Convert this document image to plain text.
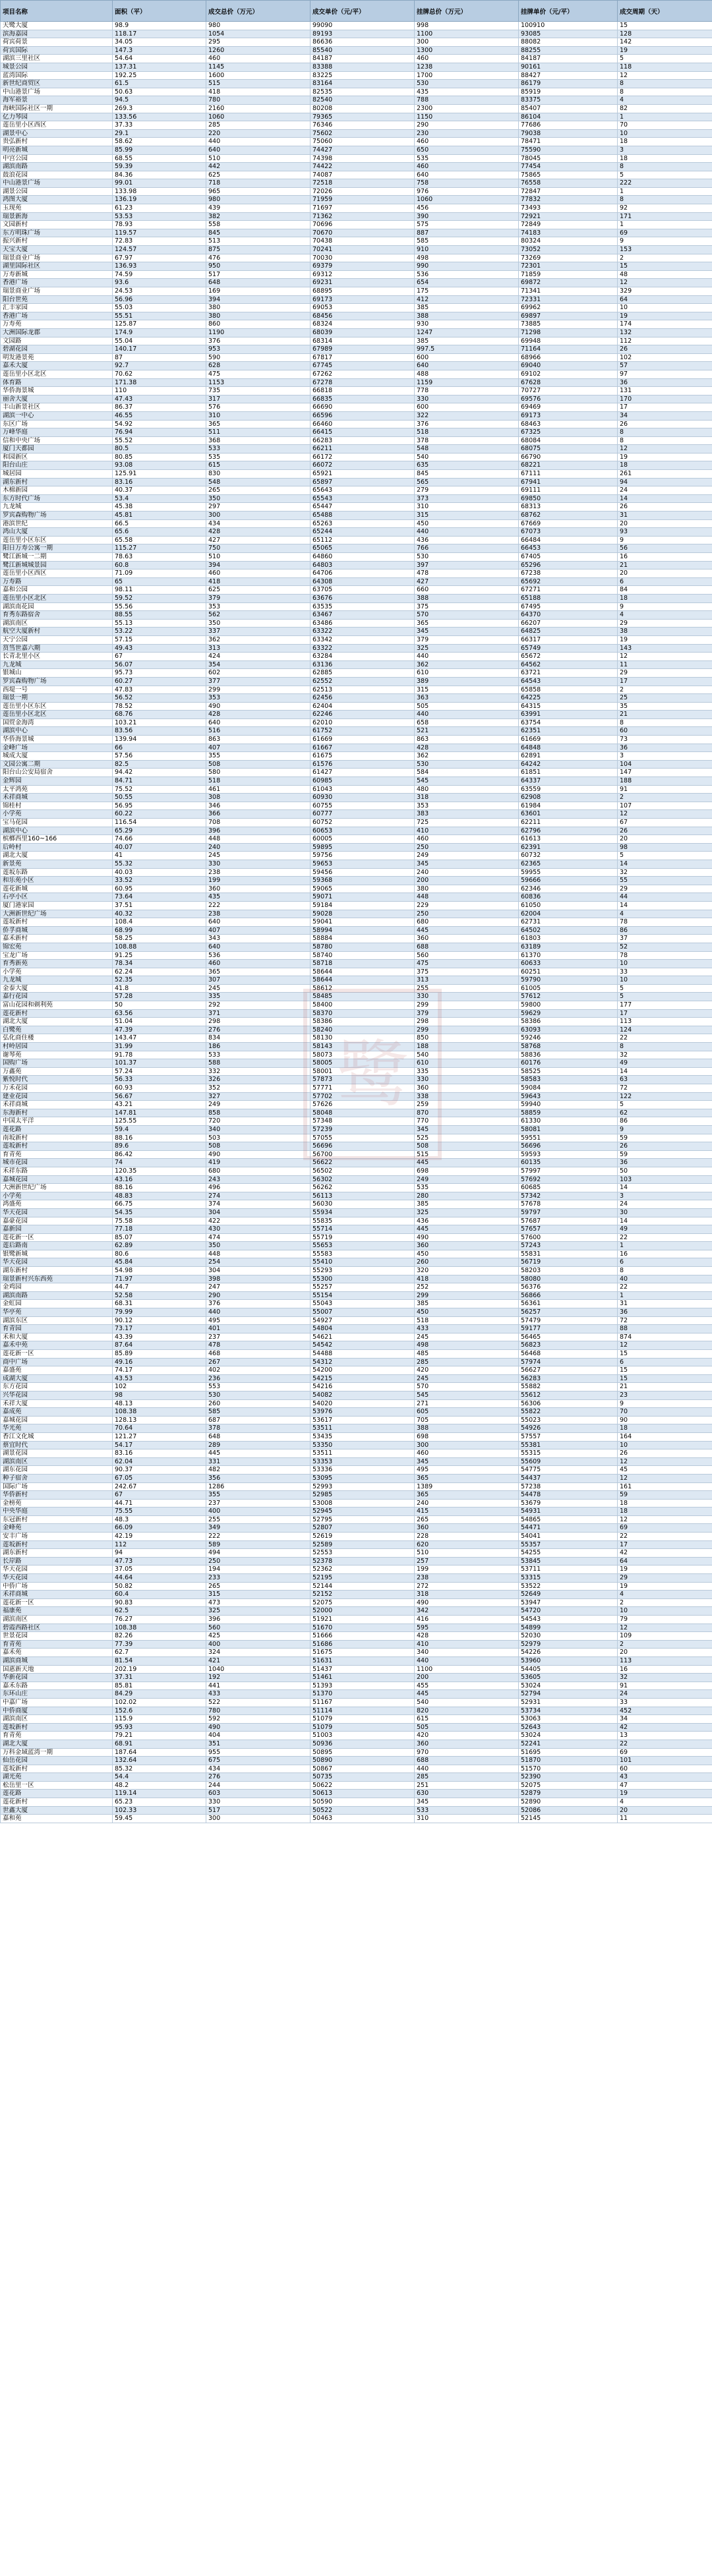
项目名称	面积（平）	成交总价（万元）	成交单价（元/平）	挂牌总价（万元）	挂牌单价（元/平）	成交周期（天）
天鹭大厦	98.9	980	99090	998	100910	15
滨海嘉园	118.17	1054	89193	1100	93085	128
荷宾荷景	34.05	295	86636	300	88082	142
荷宾国际	147.3	1260	85540	1300	88255	19
湖滨三里社区	54.64	460	84187	460	84187	5
城景公园	137.31	1145	83388	1238	90161	118
蓝湾国际	192.25	1600	83225	1700	88427	12
新世纪商贸区	61.5	515	83164	530	86179	8
中山港景广场	50.63	418	82535	435	85919	8
海军裕景	94.5	780	82540	788	83375	4
海峡国际社区一期	269.3	2160	80208	2300	85407	82
亿力琴园	133.56	1060	79365	1150	86104	1
莲岳里小区西区	37.33	285	76346	290	77686	70
湖景中心	29.1	220	75602	230	79038	10
贵弘新村	58.62	440	75060	460	78471	18
明亮新城	85.99	640	74427	650	75590	3
中宫公园	68.55	510	74398	535	78045	18
湖滨南路	59.39	442	74422	460	77454	8
鼓浪花园	84.36	625	74087	640	75865	5
中山港景广场	99.01	718	72518	758	76558	222
湖景公园	133.98	965	72026	976	72847	1
鸿图大厦	136.19	980	71959	1060	77832	8
玉现苑	61.23	439	71697	456	73493	92
瑞景新海	53.53	382	71362	390	72921	171
文园新村	78.93	558	70696	575	72849	1
东方明珠广场	119.57	845	70670	887	74183	69
振兴新村	72.83	513	70438	585	80324	9
天宝大厦	124.57	875	70241	910	73052	153
瑞景商业广场	67.97	476	70030	498	73269	2
湖里国际社区	136.93	950	69379	990	72301	15
万寿新城	74.59	517	69312	536	71859	48
香港广场	93.6	648	69231	654	69872	12
瑞景商业广场	24.53	169	68895	175	71341	329
阳台世苑	56.96	394	69173	412	72331	64
汇丰家园	55.03	380	69053	385	69962	10
香港广场	55.51	380	68456	388	69897	19
万寿苑	125.87	860	68324	930	73885	174
大洲国际龙郡	174.9	1190	68039	1247	71298	132
文园路	55.04	376	68314	385	69948	112
碧湖花园	140.17	953	67989	997.5	71164	26
明发港景苑	87	590	67817	600	68966	102
嘉禾大厦	92.7	628	67745	640	69040	57
莲岳里小区北区	70.62	475	67262	488	69102	97
体育路	171.38	1153	67278	1159	67628	36
华侨海景城	110	735	66818	778	70727	131
丽舍大厦	47.43	317	66835	330	69576	170
丰山新景社区	86.37	576	66690	600	69469	17
湖滨一中心	46.55	310	66596	322	69173	34
东区广场	54.92	365	66460	376	68463	26
万峰华庭	76.94	511	66415	518	67325	8
信和中央广场	55.52	368	66283	378	68084	8
厦门天都园	80.5	533	66211	548	68075	12
和园新区	80.85	535	66172	540	66790	19
阳台山庄	93.08	615	66072	635	68221	18
城居园	125.91	830	65921	845	67111	261
湖东新村	83.16	548	65897	565	67941	94
木棉新园	40.37	265	65643	279	69111	24
东方时代广场	53.4	350	65543	373	69850	14
九龙城	45.38	297	65447	310	68313	26
罗宾森购物广场	45.81	300	65488	315	68762	31
港滨世纪	66.5	434	65263	450	67669	20
鸿山大厦	65.6	428	65244	440	67073	93
莲岳里小区东区	65.58	427	65112	436	66484	9
阳日万寿公寓一期	115.27	750	65065	766	66453	56
鹭江新城一二期	78.63	510	64860	530	67405	16
鹭江新城城景园	60.8	394	64803	397	65296	21
莲岳里小区西区	71.09	460	64706	478	67238	20
万寿路	65	418	64308	427	65692	6
嘉和公园	98.11	625	63705	660	67271	84
莲岳里小区北区	59.52	379	63676	388	65188	18
湖滨南花园	55.56	353	63535	375	67495	9
育秀东路宿舍	88.55	562	63467	570	64370	4
湖滨南区	55.13	350	63486	365	66207	29
航空大厦新村	53.22	337	63322	345	64825	38
天宁公园	57.15	362	63342	379	66317	19
筼筜世嘉六期	49.43	313	63322	325	65749	143
长青北里小区	67	424	63284	440	65672	12
九龙城	56.07	354	63136	362	64562	11
银城山	95.73	602	62885	610	63721	29
罗宾森购物广场	60.27	377	62552	389	64543	17
西堤一号	47.83	299	62513	315	65858	2
瑞景一期	56.52	353	62456	363	64225	25
莲岳里小区东区	78.52	490	62404	505	64315	35
莲岳里小区北区	68.76	428	62246	440	63991	21
国贸金海湾	103.21	640	62010	658	63754	8
湖滨中心	83.56	516	61752	521	62351	60
华侨海景城	139.94	863	61669	863	61669	73
金峰广场	66	407	61667	428	64848	36
城成大厦	57.56	355	61675	362	62891	3
文园公寓二期	82.5	508	61576	530	64242	104
阳台山公安局宿舍	94.42	580	61427	584	61851	147
金辉园	84.71	518	60985	545	64337	188
太平鸿苑	75.52	461	61043	480	63559	91
禾祥商城	50.55	308	60930	318	62908	2
锦桂村	56.95	346	60755	353	61984	107
小学苑	60.22	366	60777	383	63601	12
宝马花园	116.54	708	60752	725	62211	67
湖滨中心	65.29	396	60653	410	62796	26
槟榔西里160~166	74.66	448	60005	460	61613	20
后岭村	40.07	240	59895	250	62391	98
湖北大厦	41	245	59756	249	60732	5
新景苑	55.32	330	59653	345	62365	14
莲坂东路	40.03	238	59456	240	59955	32
和乐苑小区	33.52	199	59368	200	59666	55
莲花新城	60.95	360	59065	380	62346	29
石亭小区	73.64	435	59071	448	60836	44
厦门港家园	37.51	222	59184	229	61050	14
大洲新世纪广场	40.32	238	59028	250	62004	4
莲坂新村	108.4	640	59041	680	62731	78
侨孚商城	68.99	407	58994	445	64502	86
嘉禾新村	58.25	343	58884	360	61803	37
锦宏苑	108.88	640	58780	688	63189	52
宝龙广场	91.25	536	58740	560	61370	78
育秀新苑	78.34	460	58718	475	60633	10
小学苑	62.24	365	58644	375	60251	33
九龙城	52.35	307	58644	313	59790	10
金泰大厦	41.8	245	58612	255	61005	5
嘉行花园	57.28	335	58485	330	57612	5
富山花园和剃利苑	50	292	58400	299	59800	177
莲花新村	63.56	371	58370	379	59629	17
湖北大厦	51.04	298	58386	298	58386	113
白鹭苑	47.39	276	58240	299	63093	124
弘化商住楼	143.47	834	58130	850	59246	22
村岭居园	31.99	186	58143	188	58768	8
谢琴苑	91.78	533	58073	540	58836	32
国购广场	101.37	588	58005	610	60176	49
万鑫苑	57.24	332	58001	335	58525	14
紫悦时代	56.33	326	57873	330	58583	63
万禾花园	60.93	352	57771	360	59084	72
建业花园	56.67	327	57702	338	59643	122
禾祥商城	43.21	249	57626	259	59940	5
东海新村	147.81	858	58048	870	58859	62
中国太平洋	125.55	720	57348	770	61330	86
莲花路	59.4	340	57239	345	58081	9
南坂新村	88.16	503	57055	525	59551	59
莲坂新村	89.6	508	56696	508	56696	26
育青苑	86.42	490	56700	515	59593	59
城市花园	74	419	56622	445	60135	36
禾祥东路	120.35	680	56502	698	57997	50
嘉城花园	43.16	243	56302	249	57692	103
大洲新世纪广场	88.16	496	56262	535	60685	14
小学苑	48.83	274	56113	280	57342	3
鸿盛苑	66.75	374	56030	385	57678	24
华天花园	54.35	304	55934	325	59797	30
嘉豪花园	75.58	422	55835	436	57687	14
嘉新园	77.18	430	55714	445	57657	49
莲花新一区	85.07	474	55719	490	57600	22
莲后路南	62.89	350	55653	360	57243	1
银鹭新城	80.6	448	55583	450	55831	16
华天花园	45.84	254	55410	260	56719	6
湖东新村	54.98	304	55293	320	58203	8
瑞景新村兴东西苑	71.97	398	55300	418	58080	40
金鸡园	44.7	247	55257	252	56376	22
湖滨南路	52.58	290	55154	299	56866	1
金虹园	68.31	376	55043	385	56361	31
华亭苑	79.99	440	55007	450	56257	36
湖滨东区	90.12	495	54927	518	57479	72
育青园	73.17	401	54804	433	59177	88
禾和大厦	43.39	237	54621	245	56465	874
嘉禾中苑	87.64	478	54542	498	56823	12
莲花新一区	85.89	468	54488	485	56468	15
商中广场	49.16	267	54312	285	57974	6
嘉盛苑	74.17	402	54200	420	56627	15
成湖大厦	43.53	236	54215	245	56283	15
东方花园	102	553	54216	570	55882	21
兴华花园	98	530	54082	545	55612	23
禾祥大厦	48.13	260	54020	271	56306	9
嘉成苑	108.38	585	53976	605	55822	70
嘉城花园	128.13	687	53617	705	55023	90
华光苑	70.64	378	53511	388	54926	18
香江文化城	121.27	648	53435	698	57557	164
蔡宜时代	54.17	289	53350	300	55381	10
湖景花园	83.16	445	53511	460	55315	26
湖滨南区	62.04	331	53353	345	55609	12
湖东花园	90.37	482	53336	495	54775	45
种子宿舍	67.05	356	53095	365	54437	12
国际广场	242.67	1286	52993	1389	57238	161
华侨新村	67	355	52985	365	54478	59
金榜苑	44.71	237	53008	240	53679	18
中央华庭	75.55	400	52945	415	54931	18
东冠新村	48.3	255	52795	265	54865	12
金峰苑	66.09	349	52807	360	54471	69
安丰广场	42.19	222	52619	228	54041	22
莲坂新村	112	589	52589	620	55357	17
湖东新村	94	494	52553	510	54255	42
长岸路	47.73	250	52378	257	53845	64
华天花园	37.05	194	52362	199	53711	19
华天花园	44.64	233	52195	238	53315	29
中侨广场	50.82	265	52144	272	53522	19
禾祥商城	60.4	315	52152	318	52649	4
莲花新一区	90.83	473	52075	490	53947	2
福康苑	62.5	325	52000	342	54720	10
湖滨南区	76.27	396	51921	416	54543	79
碧霞西路社区	108.38	560	51670	595	54899	12
世景花园	82.26	425	51666	428	52030	109
育青苑	77.39	400	51686	410	52979	2
嘉禾苑	62.7	324	51675	340	54226	20
湖滨商城	81.54	421	51631	440	53960	113
国惠新天地	202.19	1040	51437	1100	54405	16
华新花园	37.31	192	51461	200	53605	32
嘉禾东路	85.81	441	51393	455	53024	91
东环山庄	84.29	433	51370	445	52794	24
中嘉广场	102.02	522	51167	540	52931	33
中侨商厦	152.6	780	51114	820	53734	452
湖滨南区	115.9	592	51079	615	53063	34
莲坂新村	95.93	490	51079	505	52643	42
育青苑	79.21	404	51003	420	53024	13
湖北大厦	68.91	351	50936	360	52241	22
万科金域蓝湾一期	187.64	955	50895	970	51695	69
仙岳花园	132.64	675	50890	688	51870	101
莲坂新村	85.32	434	50867	440	51570	60
湖光苑	54.4	276	50735	285	52390	43
松岳里一区	48.2	244	50622	251	52075	47
莲花路	119.14	603	50613	630	52879	19
莲花新村	65.23	330	50590	345	52890	4
世鑫大厦	102.33	517	50522	533	52086	20
嘉和苑	59.45	300	50463	310	52145	11
